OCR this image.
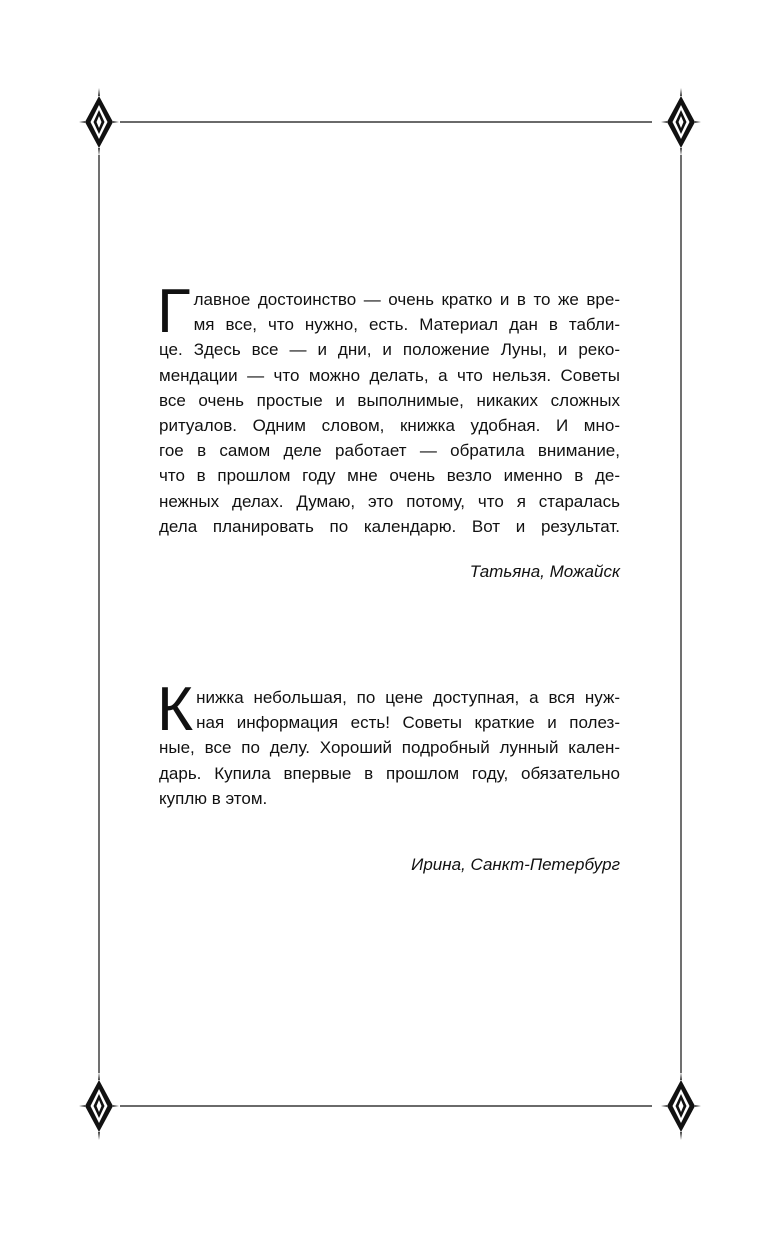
Г лавное достоинство — очень кратко и в то же вре-
мя все, что нужно, есть. Материал дан в табли-
це. Здесь все — и дни, и положение Луны, и реко-
мендации — что можно делать, а что нельзя. Советы
все очень простые и выполнимые, никаких сложных
ритуалов. Одним словом, книжка удобная. И мно-
гое в самом деле работает — обратила внимание,
что в прошлом году мне очень везло именно в де-
нежных делах. Думаю, это потому, что я старалась
дела планировать по календарю. Вот и результат.
Татьяна, Можайск
К нижка небольшая, по цене доступная, а вся нуж-
ная информация есть! Советы краткие и полез-
ные, все по делу. Хороший подробный лунный кален-
дарь. Купила впервые в прошлом году, обязательно
куплю в этом.
Ирина, Санкт-Петербург
